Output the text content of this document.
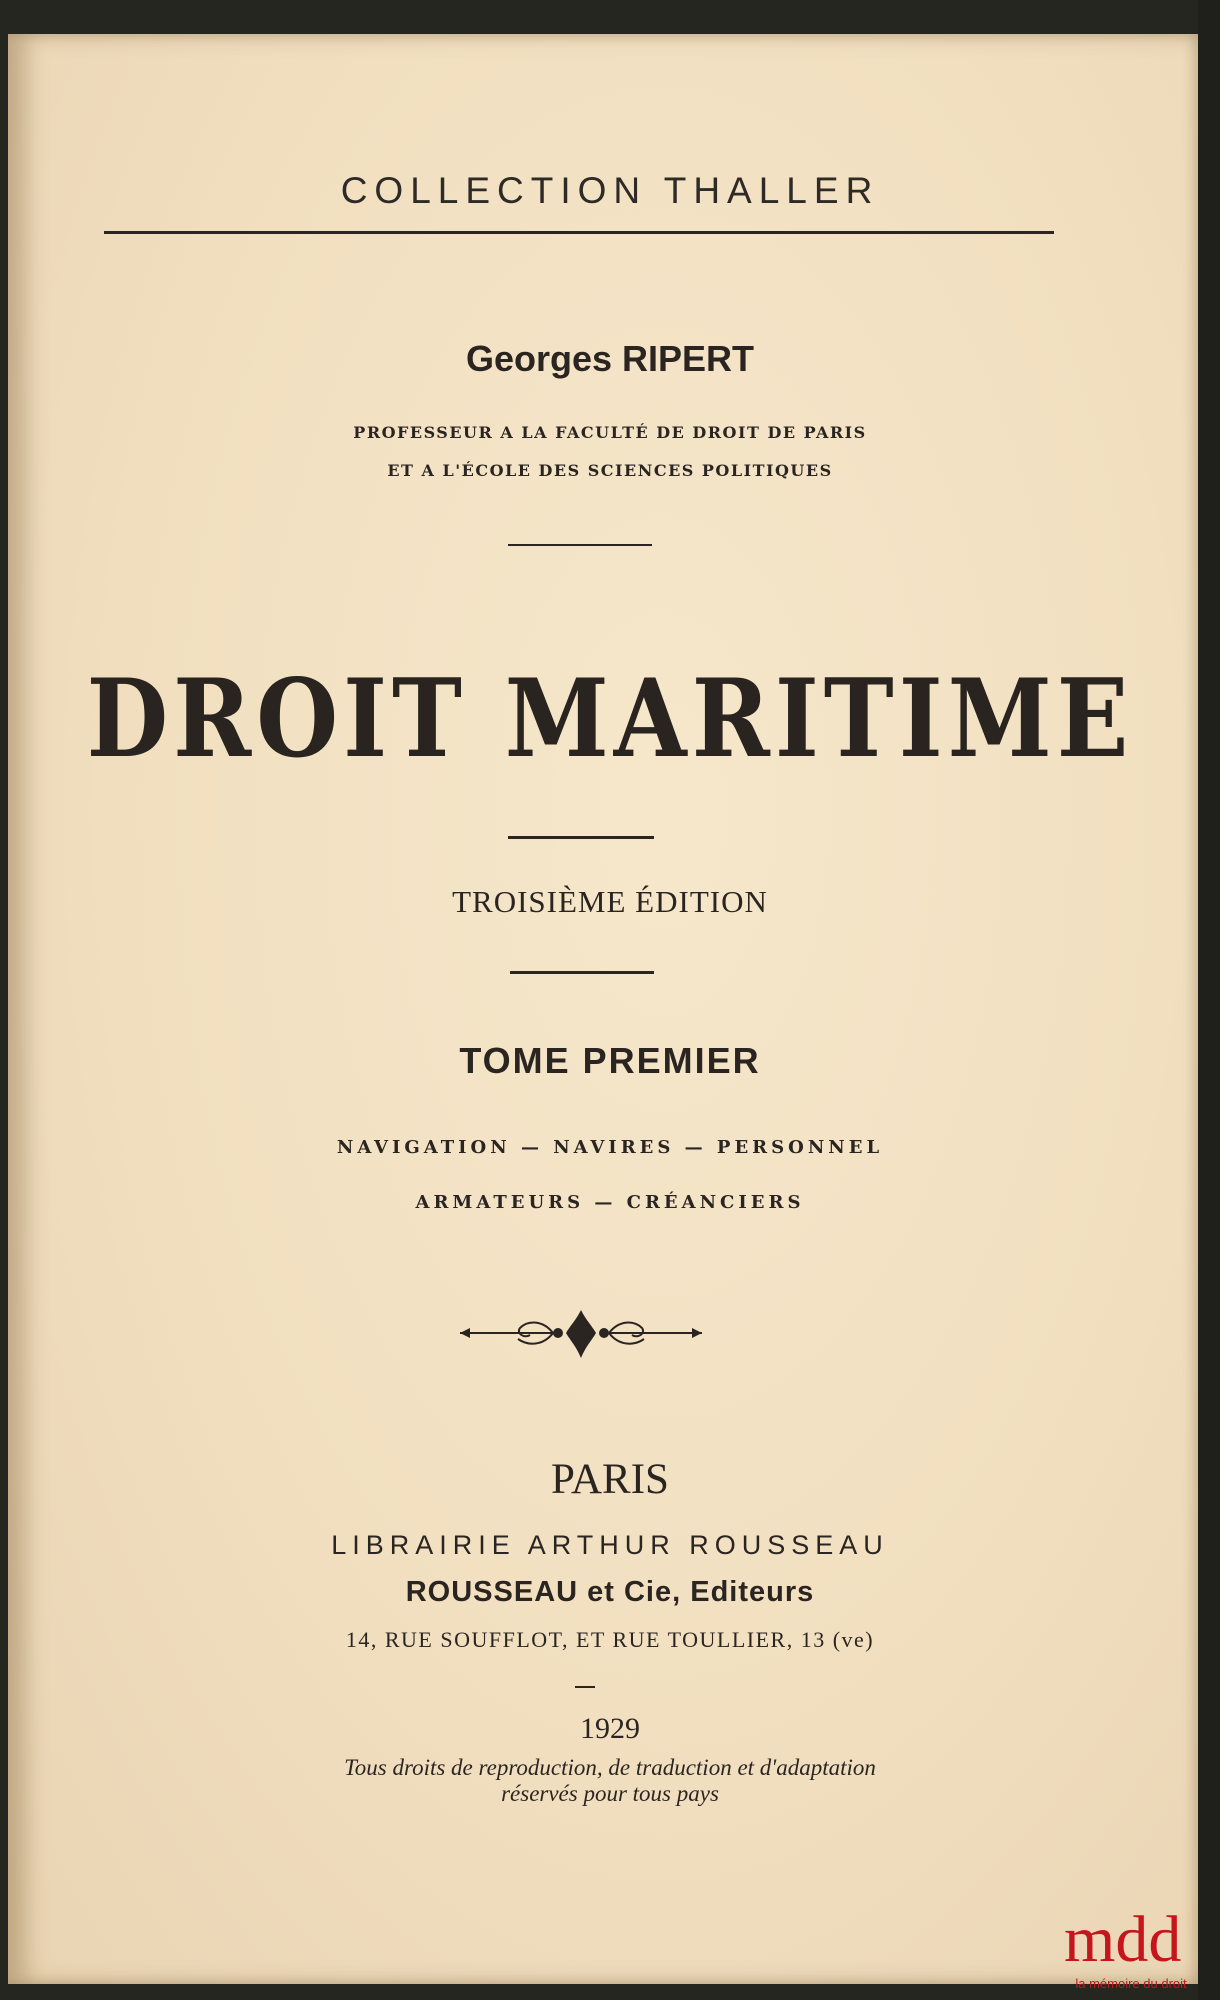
COLLECTION THALLER
Georges RIPERT
PROFESSEUR A LA FACULTÉ DE DROIT DE PARIS
ET A L'ÉCOLE DES SCIENCES POLITIQUES
DROIT MARITIME
TROISIÈME ÉDITION
TOME PREMIER
NAVIGATION — NAVIRES — PERSONNEL
ARMATEURS — CRÉANCIERS
PARIS
LIBRAIRIE ARTHUR ROUSSEAU
ROUSSEAU et Cie, Editeurs
14, RUE SOUFFLOT, ET RUE TOULLIER, 13 (ve)
1929
Tous droits de reproduction, de traduction et d'adaptation
réservés pour tous pays
mdd
la mémoire du droit
